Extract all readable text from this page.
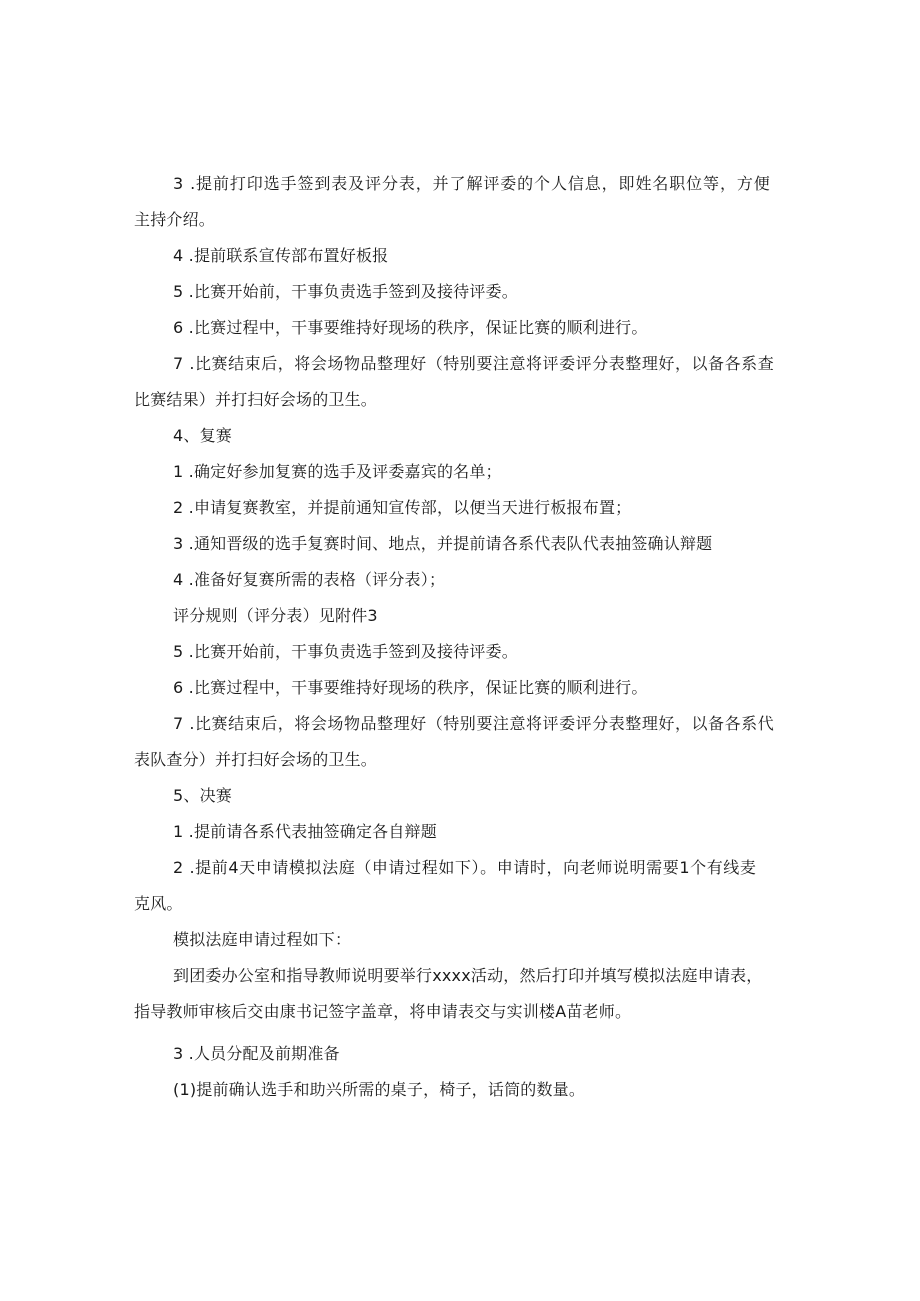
3 .提前打印选手签到表及评分表，并了解评委的个人信息，即姓名职位等，方便
主持介绍。
4 .提前联系宣传部布置好板报
5 .比赛开始前，干事负责选手签到及接待评委。
6 .比赛过程中，干事要维持好现场的秩序，保证比赛的顺利进行。
7 .比赛结束后，将会场物品整理好（特别要注意将评委评分表整理好，以备各系查
比赛结果）并打扫好会场的卫生。
4、复赛
1 .确定好参加复赛的选手及评委嘉宾的名单；
2 .申请复赛教室，并提前通知宣传部，以便当天进行板报布置；
3 .通知晋级的选手复赛时间、地点，并提前请各系代表队代表抽签确认辩题
4 .准备好复赛所需的表格（评分表）；
评分规则（评分表）见附件3
5 .比赛开始前，干事负责选手签到及接待评委。
6 .比赛过程中，干事要维持好现场的秩序，保证比赛的顺利进行。
7 .比赛结束后，将会场物品整理好（特别要注意将评委评分表整理好，以备各系代
表队查分）并打扫好会场的卫生。
5、决赛
1 .提前请各系代表抽签确定各自辩题
2 .提前4天申请模拟法庭（申请过程如下）。申请时，向老师说明需要1个有线麦
克风。
模拟法庭申请过程如下：
到团委办公室和指导教师说明要举行xxxx活动，然后打印并填写模拟法庭申请表，
指导教师审核后交由康书记签字盖章，将申请表交与实训楼A苗老师。
3 .人员分配及前期准备
(1)提前确认选手和助兴所需的桌子，椅子，话筒的数量。
